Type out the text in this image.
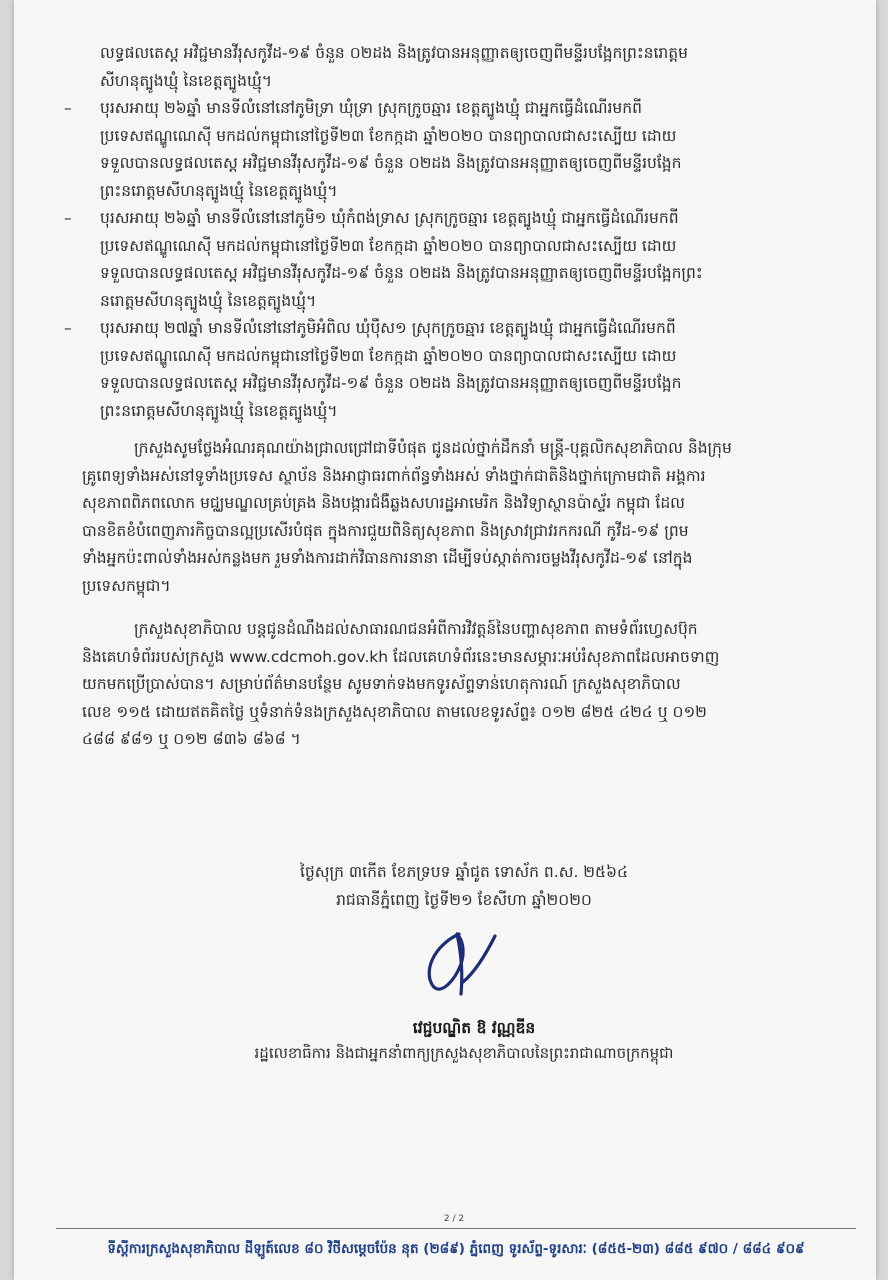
លទ្ធផលតេស្ត អវិជ្ជមានវីរុសកូវីដ-១៩ ចំនួន ០២ដង និងត្រូវបានអនុញ្ញាតឲ្យចេញពីមន្ទីរបង្អែកព្រះនរោត្តម

សីហនុត្បូងឃ្មុំ នៃខេត្តត្បូងឃ្មុំ។

–	បុរសអាយុ ២៦ឆ្នាំ មានទីលំនៅនៅភូមិទ្រា ឃុំទ្រា ស្រុកក្រូចឆ្មារ ខេត្តត្បូងឃ្មុំ ជាអ្នកធ្វើដំណើរមកពី

ប្រទេសឥណ្ឌូណេស៊ី មកដល់កម្ពុជានៅថ្ងៃទី២៣ ខែកក្កដា ឆ្នាំ២០២០ បានព្យាបាលជាសះស្បើយ ដោយ

ទទួលបានលទ្ធផលតេស្ត អវិជ្ជមានវីរុសកូវីដ-១៩ ចំនួន ០២ដង និងត្រូវបានអនុញ្ញាតឲ្យចេញពីមន្ទីរបង្អែក

ព្រះនរោត្តមសីហនុត្បូងឃ្មុំ នៃខេត្តត្បូងឃ្មុំ។

–	បុរសអាយុ ២៦ឆ្នាំ មានទីលំនៅនៅភូមិ១ ឃុំកំពង់ទ្រាស ស្រុកក្រូចឆ្មារ ខេត្តត្បូងឃ្មុំ ជាអ្នកធ្វើដំណើរមកពី

ប្រទេសឥណ្ឌូណេស៊ី មកដល់កម្ពុជានៅថ្ងៃទី២៣ ខែកក្កដា ឆ្នាំ២០២០ បានព្យាបាលជាសះស្បើយ ដោយ

ទទួលបានលទ្ធផលតេស្ត អវិជ្ជមានវីរុសកូវីដ-១៩ ចំនួន ០២ដង និងត្រូវបានអនុញ្ញាតឲ្យចេញពីមន្ទីរបង្អែកព្រះ

នរោត្តមសីហនុត្បូងឃ្មុំ នៃខេត្តត្បូងឃ្មុំ។

–	បុរសអាយុ ២៧ឆ្នាំ មានទីលំនៅនៅភូមិអំពិល ឃុំប៉ឺស១ ស្រុកក្រូចឆ្មារ ខេត្តត្បូងឃ្មុំ ជាអ្នកធ្វើដំណើរមកពី

ប្រទេសឥណ្ឌូណេស៊ី មកដល់កម្ពុជានៅថ្ងៃទី២៣ ខែកក្កដា ឆ្នាំ២០២០ បានព្យាបាលជាសះស្បើយ ដោយ

ទទួលបានលទ្ធផលតេស្ត អវិជ្ជមានវីរុសកូវីដ-១៩ ចំនួន ០២ដង និងត្រូវបានអនុញ្ញាតឲ្យចេញពីមន្ទីរបង្អែក

ព្រះនរោត្តមសីហនុត្បូងឃ្មុំ នៃខេត្តត្បូងឃ្មុំ។

ក្រសួងសូមថ្លែងអំណរគុណយ៉ាងជ្រាលជ្រៅជាទីបំផុត ជូនដល់ថ្នាក់ដឹកនាំ មន្ត្រី-បុគ្គលិកសុខាភិបាល និងក្រុម

គ្រូពេទ្យទាំងអស់នៅទូទាំងប្រទេស ស្ថាប័ន និងអាជ្ញាធរពាក់ព័ន្ធទាំងអស់ ទាំងថ្នាក់ជាតិនិងថ្នាក់ក្រោមជាតិ អង្គការ

សុខភាពពិភពលោក មជ្ឈមណ្ឌលគ្រប់គ្រង និងបង្ការជំងឺឆ្លងសហរដ្ឋអាមេរិក និងវិទ្យាស្ថានប៉ាស្ទ័រ កម្ពុជា ដែល

បានខិតខំបំពេញភារកិច្ចបានល្អប្រសើរបំផុត ក្នុងការជួយពិនិត្យសុខភាព និងស្រាវជ្រាវរកករណី កូវីដ-១៩ ព្រម

ទាំងអ្នកប៉ះពាល់ទាំងអស់កន្លងមក រួមទាំងការដាក់វិធានការនានា ដើម្បីទប់ស្កាត់ការចម្លងវីរុសកូវីដ-១៩ នៅក្នុង

ប្រទេសកម្ពុជា។

ក្រសួងសុខាភិបាល បន្តជូនដំណឹងដល់សាធារណជនអំពីការវិវត្តន៍នៃបញ្ហាសុខភាព តាមទំព័រហ្វេសប៊ុក

និងគេហទំព័ររបស់ក្រសួង www.cdcmoh.gov.kh ដែលគេហទំព័រនេះមានសម្ភារៈអប់រំសុខភាពដែលអាចទាញ

យកមកប្រើប្រាស់បាន។ សម្រាប់ព័ត៌មានបន្ថែម សូមទាក់ទងមកទូរស័ព្ទទាន់ហេតុការណ៍ ក្រសួងសុខាភិបាល

លេខ ១១៥ ដោយឥតគិតថ្លៃ ឬទំនាក់ទំនងក្រសួងសុខាភិបាល តាមលេខទូរស័ព្ទ៖ ០១២ ៨២៥ ៤២៤ ឬ ០១២

៤៨៨ ៩៨១ ឬ ០១២ ៨៣៦ ៨៦៨ ។

ថ្ងៃសុក្រ ៣កើត ខែភទ្របទ ឆ្នាំជូត ទោស័ក ព.ស. ២៥៦៤
រាជធានីភ្នំពេញ ថ្ងៃទី២១ ខែសីហា ឆ្នាំ២០២០
វេជ្ជបណ្ឌិត ឱ វណ្ណឌីន
រដ្ឋលេខាធិការ និងជាអ្នកនាំពាក្យក្រសួងសុខាភិបាលនៃព្រះរាជាណាចក្រកម្ពុជា
2 / 2
ទីស្តីការក្រសួងសុខាភិបាល ដីឡូត៍លេខ ៨០ វិថីសម្តេចប៉ែន នុត (២៨៩) ភ្នំពេញ ទូរស័ព្ទ-ទូរសារៈ (៨៥៥-២៣) ៨៨៥ ៩៧០ / ៨៨៤ ៩០៩
